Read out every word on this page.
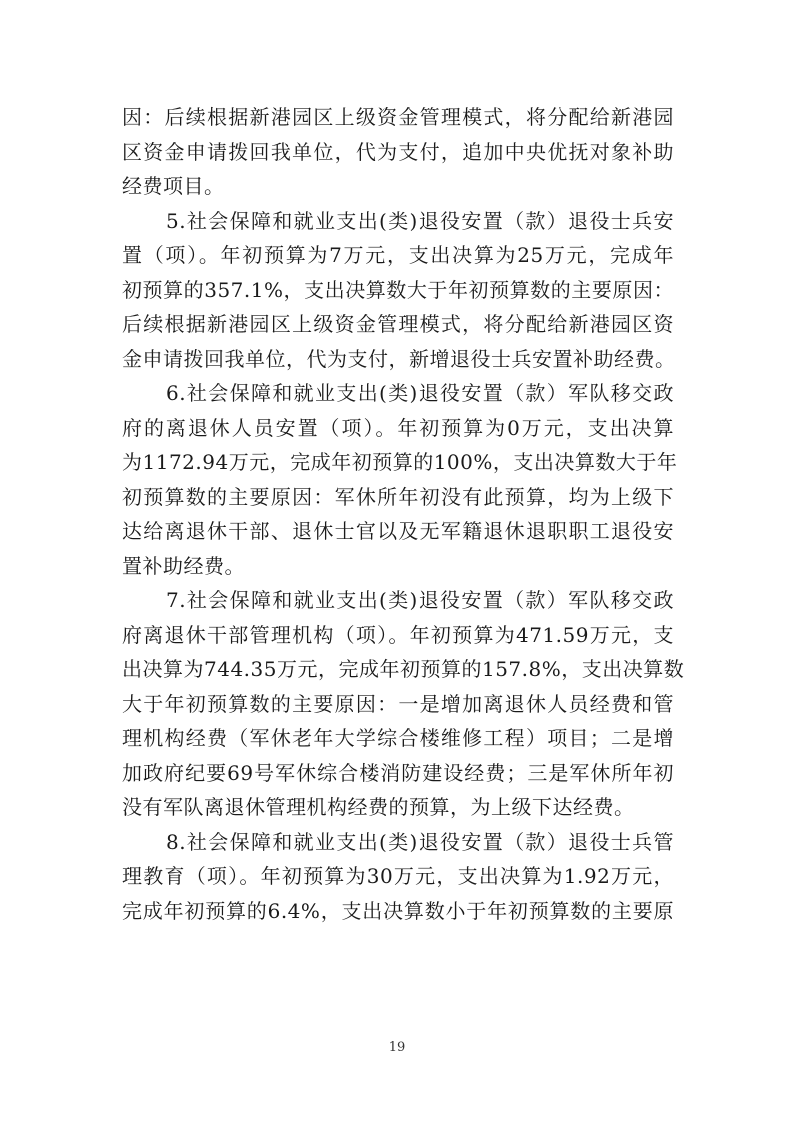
因：后续根据新港园区上级资金管理模式，将分配给新港园
区资金申请拨回我单位，代为支付，追加中央优抚对象补助
经费项目。
5.社会保障和就业支出(类)退役安置（款）退役士兵安
置（项）。年初预算为7万元，支出决算为25万元，完成年
初预算的357.1%，支出决算数大于年初预算数的主要原因：
后续根据新港园区上级资金管理模式，将分配给新港园区资
金申请拨回我单位，代为支付，新增退役士兵安置补助经费。
6.社会保障和就业支出(类)退役安置（款）军队移交政
府的离退休人员安置（项）。年初预算为0万元，支出决算
为1172.94万元，完成年初预算的100%，支出决算数大于年
初预算数的主要原因：军休所年初没有此预算，均为上级下
达给离退休干部、退休士官以及无军籍退休退职职工退役安
置补助经费。
7.社会保障和就业支出(类)退役安置（款）军队移交政
府离退休干部管理机构（项）。年初预算为471.59万元，支
出决算为744.35万元，完成年初预算的157.8%，支出决算数
大于年初预算数的主要原因：一是增加离退休人员经费和管
理机构经费（军休老年大学综合楼维修工程）项目；二是增
加政府纪要69号军休综合楼消防建设经费；三是军休所年初
没有军队离退休管理机构经费的预算，为上级下达经费。
8.社会保障和就业支出(类)退役安置（款）退役士兵管
理教育（项）。年初预算为30万元，支出决算为1.92万元，
完成年初预算的6.4%，支出决算数小于年初预算数的主要原
19
